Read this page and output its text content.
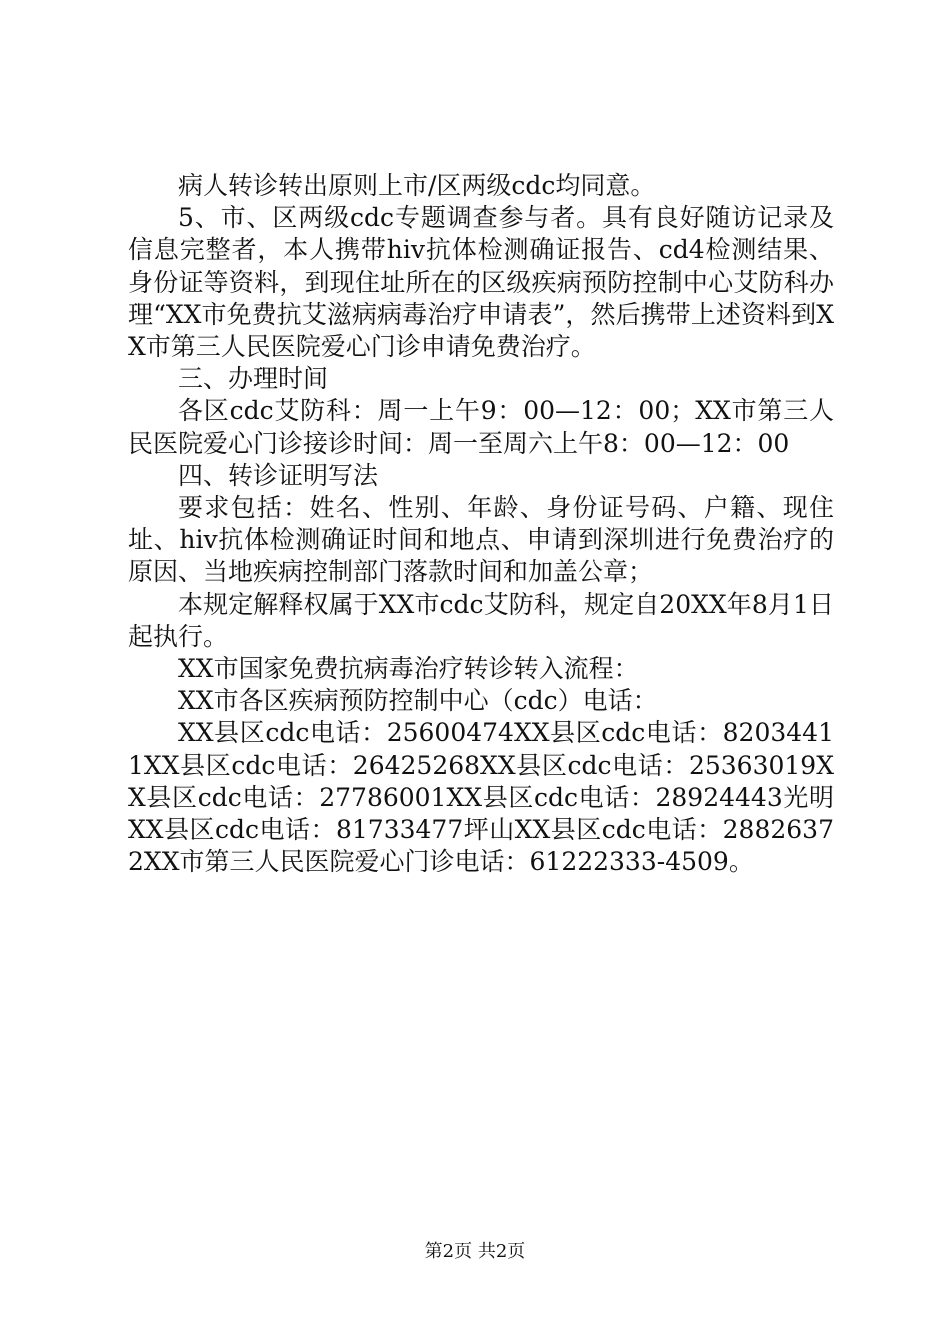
病人转诊转出原则上市/区两级cdc均同意。

5、市、区两级cdc专题调查参与者。具有良好随访记录及信息完整者，本人携带hiv抗体检测确证报告、cd4检测结果、身份证等资料，到现住址所在的区级疾病预防控制中心艾防科办理“XX市免费抗艾滋病病毒治疗申请表”，然后携带上述资料到XX市第三人民医院爱心门诊申请免费治疗。

三、办理时间

各区cdc艾防科：周一上午9：00—12：00；XX市第三人民医院爱心门诊接诊时间：周一至周六上午8：00—12：00

四、转诊证明写法

要求包括：姓名、性别、年龄、身份证号码、户籍、现住址、hiv抗体检测确证时间和地点、申请到深圳进行免费治疗的原因、当地疾病控制部门落款时间和加盖公章；

本规定解释权属于XX市cdc艾防科，规定自20XX年8月1日起执行。

XX市国家免费抗病毒治疗转诊转入流程：

XX市各区疾病预防控制中心（cdc）电话：

XX县区cdc电话：25600474XX县区cdc电话：82034411XX县区cdc电话：26425268XX县区cdc电话：25363019XX县区cdc电话：27786001XX县区cdc电话：28924443光明XX县区cdc电话：81733477坪山XX县区cdc电话：28826372XX市第三人民医院爱心门诊电话：61222333-4509。

第2页 共2页
